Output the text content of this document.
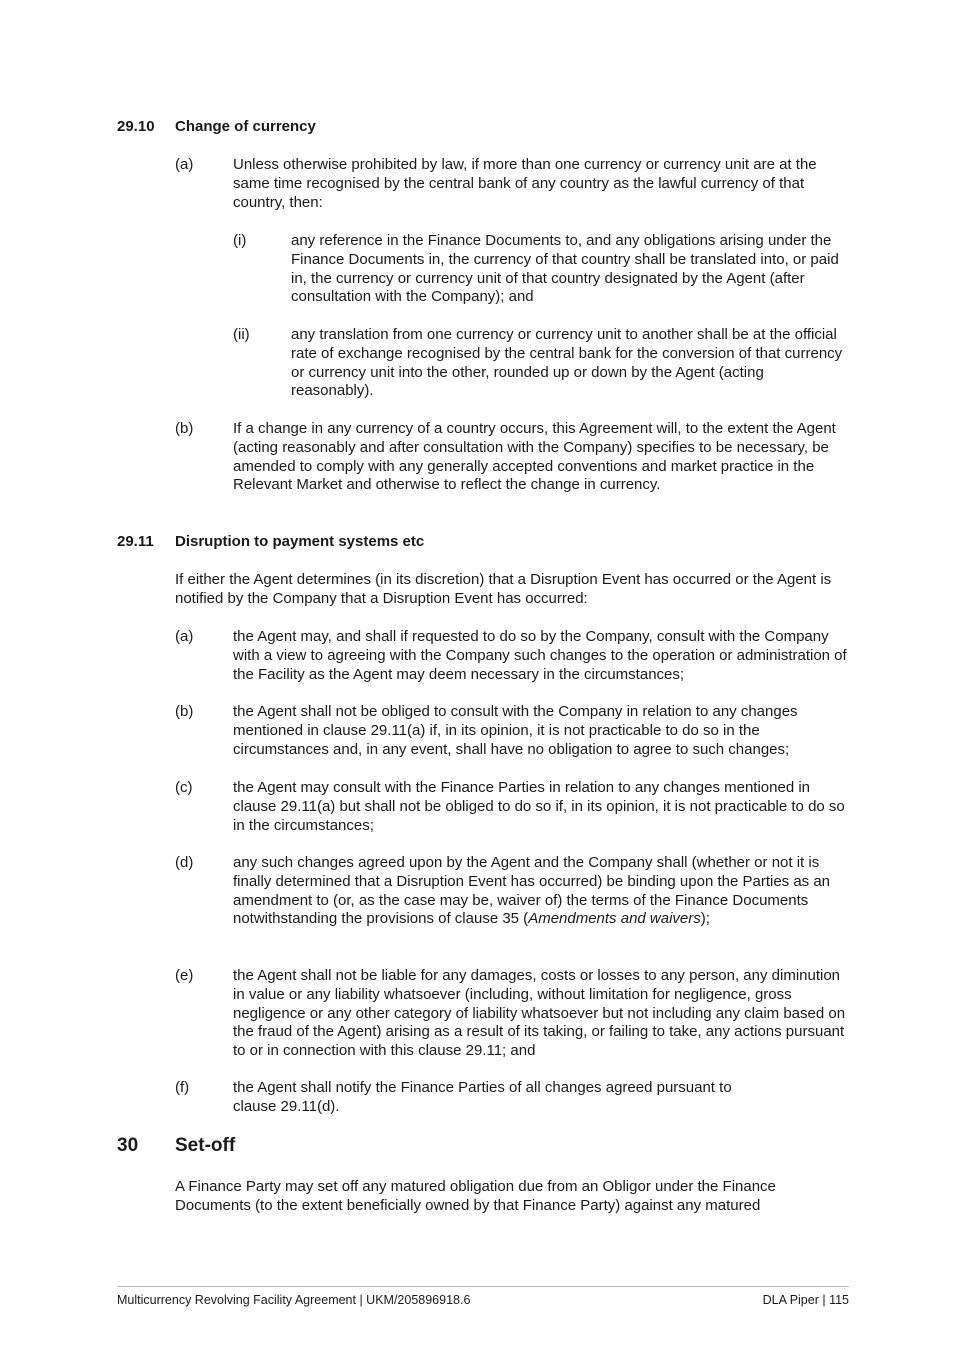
29.10 Change of currency
(a)	Unless otherwise prohibited by law, if more than one currency or currency unit are at the same time recognised by the central bank of any country as the lawful currency of that country, then:
(i)	any reference in the Finance Documents to, and any obligations arising under the Finance Documents in, the currency of that country shall be translated into, or paid in, the currency or currency unit of that country designated by the Agent (after consultation with the Company); and
(ii)	any translation from one currency or currency unit to another shall be at the official rate of exchange recognised by the central bank for the conversion of that currency or currency unit into the other, rounded up or down by the Agent (acting reasonably).
(b)	If a change in any currency of a country occurs, this Agreement will, to the extent the Agent (acting reasonably and after consultation with the Company) specifies to be necessary, be amended to comply with any generally accepted conventions and market practice in the Relevant Market and otherwise to reflect the change in currency.
29.11 Disruption to payment systems etc
If either the Agent determines (in its discretion) that a Disruption Event has occurred or the Agent is notified by the Company that a Disruption Event has occurred:
(a)	the Agent may, and shall if requested to do so by the Company, consult with the Company with a view to agreeing with the Company such changes to the operation or administration of the Facility as the Agent may deem necessary in the circumstances;
(b)	the Agent shall not be obliged to consult with the Company in relation to any changes mentioned in clause 29.11(a) if, in its opinion, it is not practicable to do so in the circumstances and, in any event, shall have no obligation to agree to such changes;
(c)	the Agent may consult with the Finance Parties in relation to any changes mentioned in clause 29.11(a) but shall not be obliged to do so if, in its opinion, it is not practicable to do so in the circumstances;
(d)	any such changes agreed upon by the Agent and the Company shall (whether or not it is finally determined that a Disruption Event has occurred) be binding upon the Parties as an amendment to (or, as the case may be, waiver of) the terms of the Finance Documents notwithstanding the provisions of clause 35 (Amendments and waivers);
(e)	the Agent shall not be liable for any damages, costs or losses to any person, any diminution in value or any liability whatsoever (including, without limitation for negligence, gross negligence or any other category of liability whatsoever but not including any claim based on the fraud of the Agent) arising as a result of its taking, or failing to take, any actions pursuant to or in connection with this clause 29.11; and
(f)	the Agent shall notify the Finance Parties of all changes agreed pursuant to
clause 29.11(d).
30 Set-off
A Finance Party may set off any matured obligation due from an Obligor under the Finance Documents (to the extent beneficially owned by that Finance Party) against any matured
Multicurrency Revolving Facility Agreement | UKM/205896918.6	DLA Piper | 115
